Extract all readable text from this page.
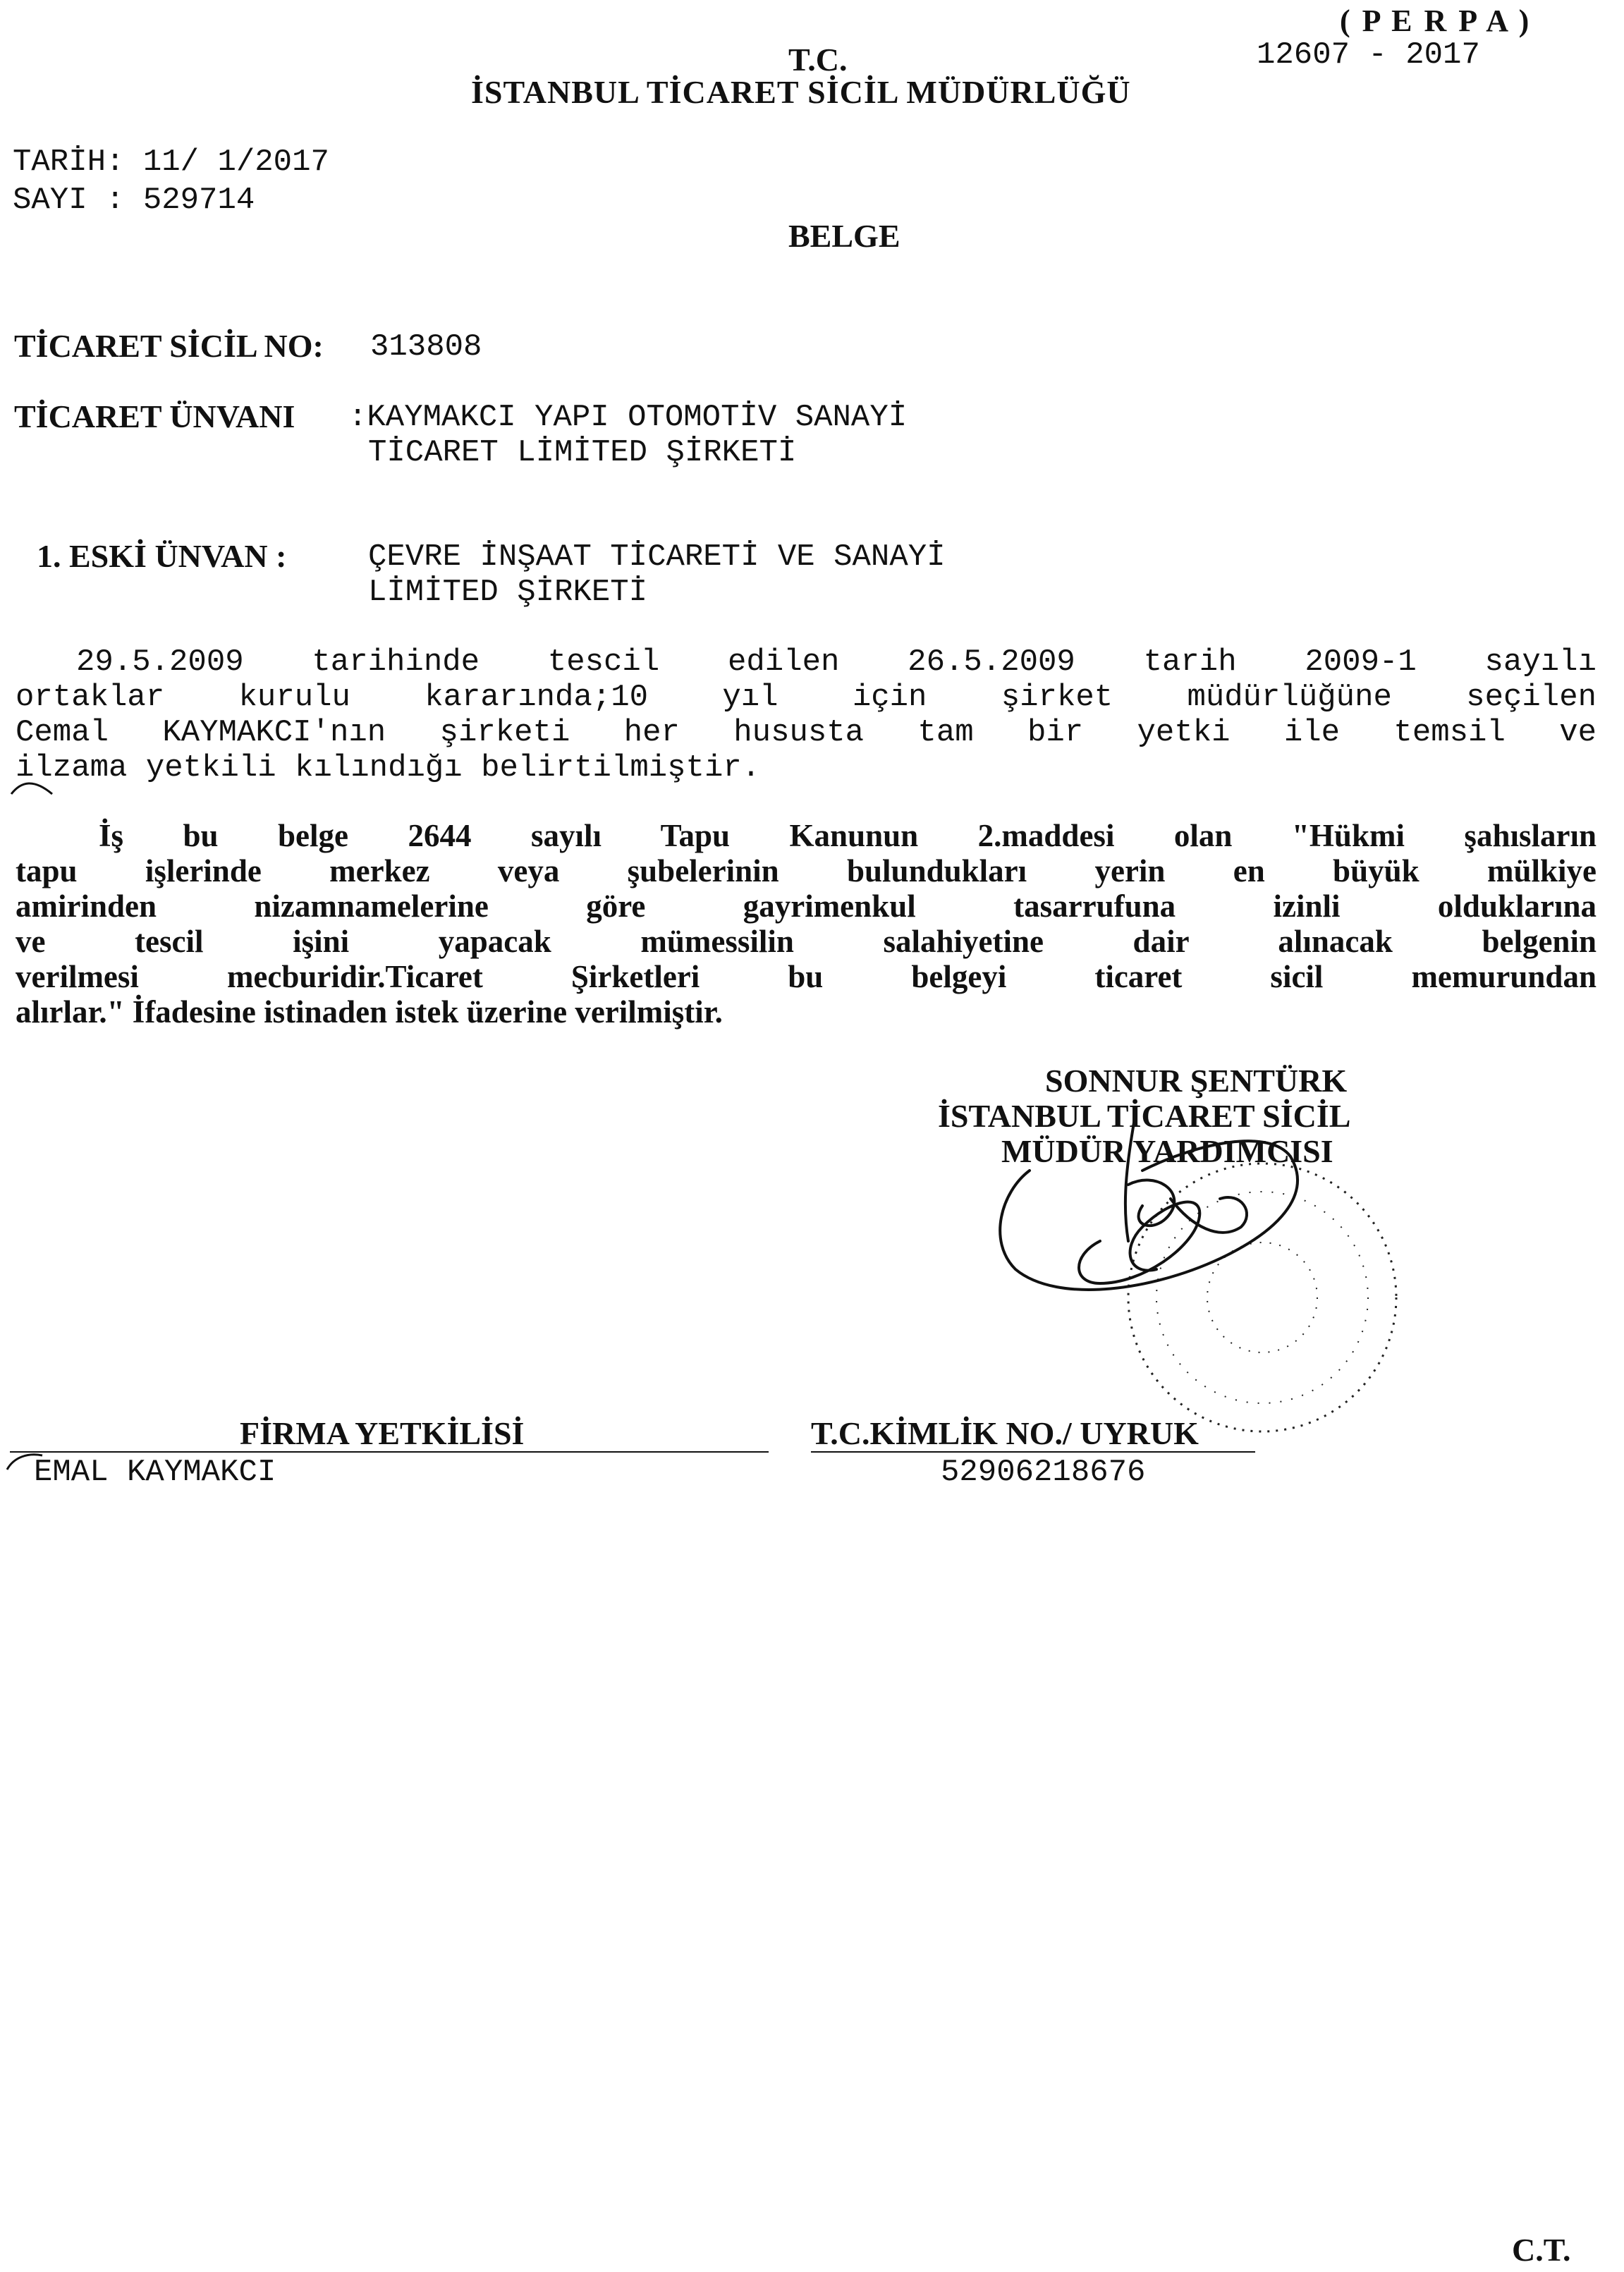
T.C.
İSTANBUL TİCARET SİCİL MÜDÜRLÜĞÜ
( P E R P A )
12607 - 2017
TARİH: 11/ 1/2017
SAYI : 529714
BELGE
TİCARET SİCİL NO: 313808
TİCARET ÜNVANI :KAYMAKCI YAPI OTOMOTİV SANAYİ
TİCARET LİMİTED ŞİRKETİ
1. ESKİ ÜNVAN :	ÇEVRE İNŞAAT TİCARETİ VE SANAYİ
LİMİTED ŞİRKETİ
29.5.2009 tarihinde tescil edilen 26.5.2009 tarih 2009-1 sayılı
ortaklar kurulu kararında;10 yıl için şirket müdürlüğüne seçilen
Cemal KAYMAKCI'nın şirketi her hususta tam bir yetki ile temsil ve
ilzama yetkili kılındığı belirtilmiştir.
İş bu belge 2644 sayılı Tapu Kanunun 2.maddesi olan "Hükmi şahısların
tapu işlerinde merkez veya şubelerinin bulundukları yerin en büyük mülkiye
amirinden nizamnamelerine göre gayrimenkul tasarrufuna izinli olduklarına
ve tescil işini yapacak mümessilin salahiyetine dair alınacak belgenin
verilmesi mecburidir.Ticaret Şirketleri bu belgeyi ticaret sicil memurundan
alırlar." İfadesine istinaden istek üzerine verilmiştir.
SONNUR ŞENTÜRK
İSTANBUL TİCARET SİCİL
MÜDÜR YARDIMCISI
FİRMA YETKİLİSİ
EMAL KAYMAKCI
T.C.KİMLİK NO./ UYRUK
52906218676
C.T.
